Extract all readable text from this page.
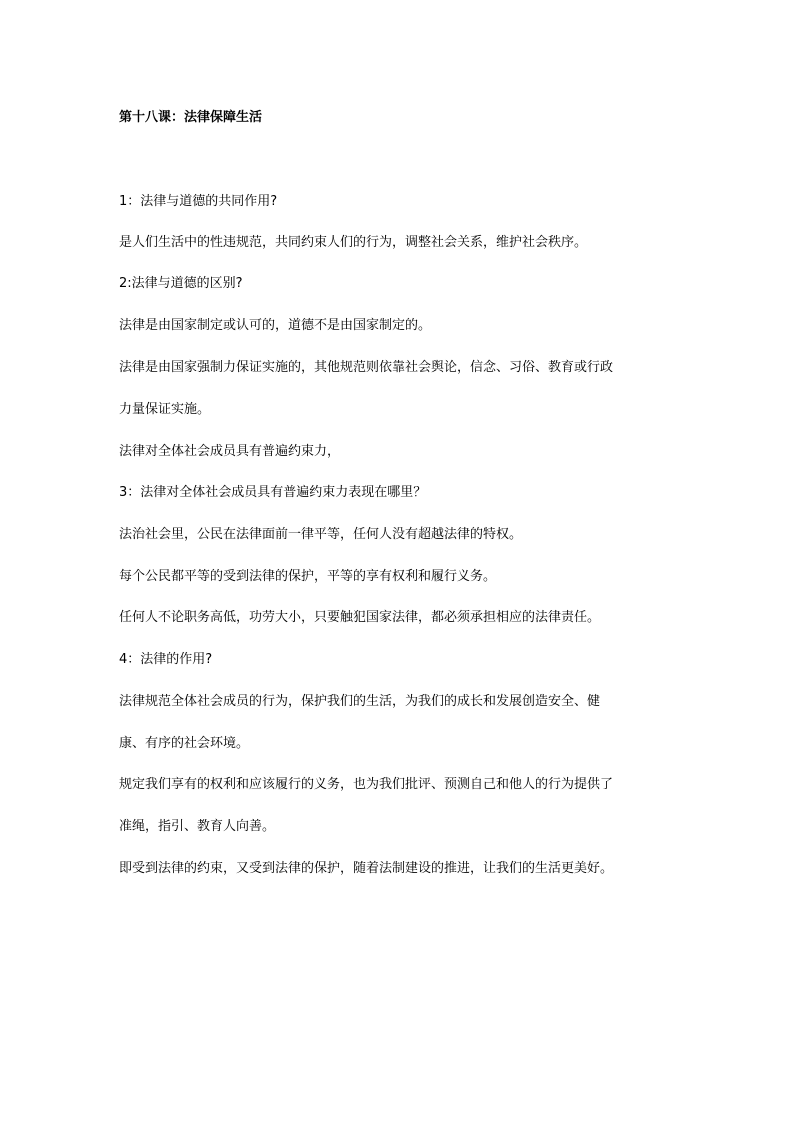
第十八课：法律保障生活
1：法律与道德的共同作用?
是人们生活中的性违规范，共同约束人们的行为，调整社会关系，维护社会秩序。
2:法律与道德的区别?
法律是由国家制定或认可的，道德不是由国家制定的。
法律是由国家强制力保证实施的，其他规范则依靠社会舆论，信念、习俗、教育或行政
力量保证实施。
法律对全体社会成员具有普遍约束力，
3：法律对全体社会成员具有普遍约束力表现在哪里？
法治社会里，公民在法律面前一律平等，任何人没有超越法律的特权。
每个公民都平等的受到法律的保护，平等的享有权利和履行义务。
任何人不论职务高低，功劳大小，只要触犯国家法律，都必须承担相应的法律责任。
4：法律的作用?
法律规范全体社会成员的行为，保护我们的生活，为我们的成长和发展创造安全、健
康、有序的社会环境。
规定我们享有的权利和应该履行的义务，也为我们批评、预测自己和他人的行为提供了
准绳，指引、教育人向善。
即受到法律的约束，又受到法律的保护，随着法制建设的推进，让我们的生活更美好。
